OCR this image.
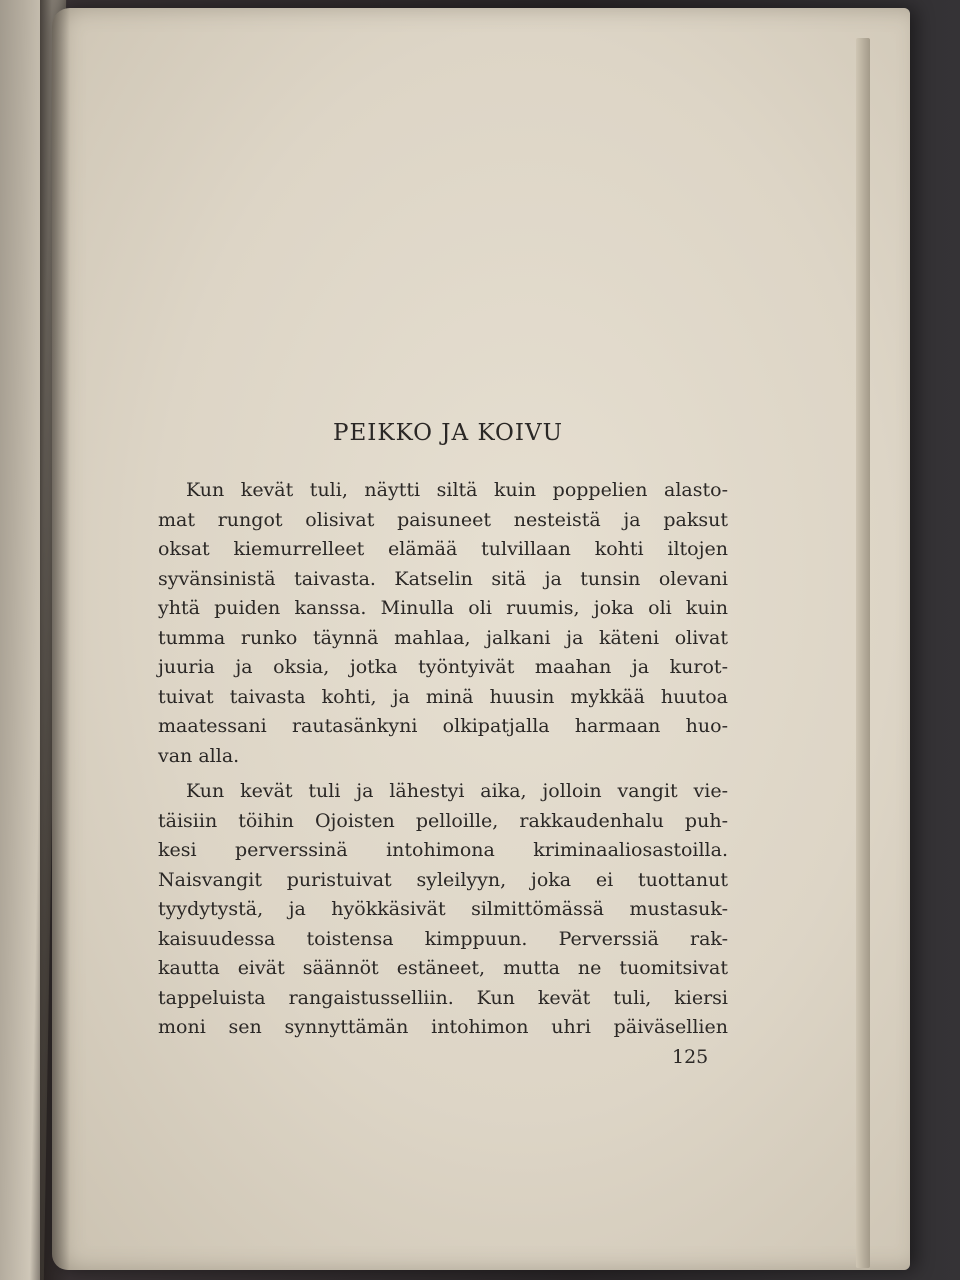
PEIKKO JA KOIVU

Kun kevät tuli, näytti siltä kuin poppelien alasto-
mat rungot olisivat paisuneet nesteistä ja paksut
oksat kiemurrelleet elämää tulvillaan kohti iltojen
syvänsinistä taivasta. Katselin sitä ja tunsin olevani
yhtä puiden kanssa. Minulla oli ruumis, joka oli kuin
tumma runko täynnä mahlaa, jalkani ja käteni olivat
juuria ja oksia, jotka työntyivät maahan ja kurot-
tuivat taivasta kohti, ja minä huusin mykkää huutoa
maatessani rautasänkyni olkipatjalla harmaan huo-
van alla.

Kun kevät tuli ja lähestyi aika, jolloin vangit vie-
täisiin töihin Ojoisten pelloille, rakkaudenhalu puh-
kesi perverssinä intohimona kriminaaliosastoilla.
Naisvangit puristuivat syleilyyn, joka ei tuottanut
tyydytystä, ja hyökkäsivät silmittömässä mustasuk-
kaisuudessa toistensa kimppuun. Perverssiä rak-
kautta eivät säännöt estäneet, mutta ne tuomitsivat
tappeluista rangaistusselliin. Kun kevät tuli, kiersi
moni sen synnyttämän intohimon uhri päiväsellien

125
